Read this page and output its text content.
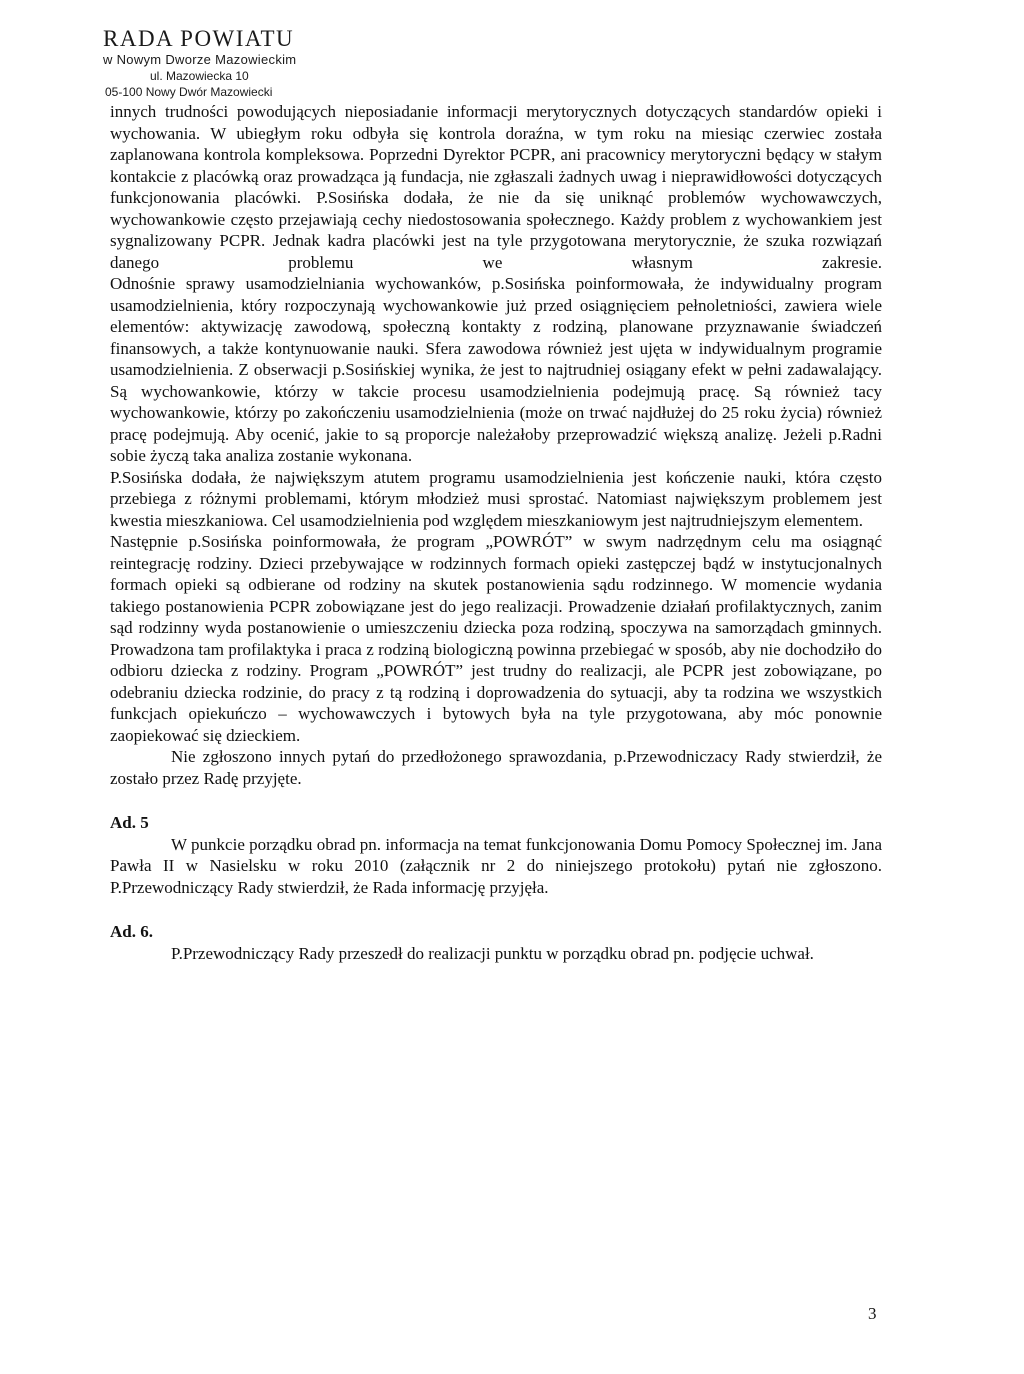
RADA POWIATU
w Nowym Dworze Mazowieckim
ul. Mazowiecka 10
05-100 Nowy Dwór Mazowiecki

innych trudności powodujących nieposiadanie informacji merytorycznych dotyczących standardów opieki i wychowania. W ubiegłym roku odbyła się kontrola doraźna, w tym roku na miesiąc czerwiec została zaplanowana kontrola kompleksowa. Poprzedni Dyrektor PCPR, ani pracownicy merytoryczni będący w stałym kontakcie z placówką oraz prowadząca ją fundacja, nie zgłaszali żadnych uwag i nieprawidłowości dotyczących funkcjonowania placówki. P.Sosińska dodała, że nie da się uniknąć problemów wychowawczych, wychowankowie często przejawiają cechy niedostosowania społecznego. Każdy problem z wychowankiem jest sygnalizowany PCPR. Jednak kadra placówki jest na tyle przygotowana merytorycznie, że szuka rozwiązań danego problemu we własnym zakresie.

Odnośnie sprawy usamodzielniania wychowanków, p.Sosińska poinformowała, że indywidualny program usamodzielnienia, który rozpoczynają wychowankowie już przed osiągnięciem pełnoletniości, zawiera wiele elementów: aktywizację zawodową, społeczną kontakty z rodziną, planowane przyznawanie świadczeń finansowych, a także kontynuowanie nauki. Sfera zawodowa również jest ujęta w indywidualnym programie usamodzielnienia. Z obserwacji p.Sosińskiej wynika, że jest to najtrudniej osiągany efekt w pełni zadawalający. Są wychowankowie, którzy w takcie procesu usamodzielnienia podejmują pracę. Są również tacy wychowankowie, którzy po zakończeniu usamodzielnienia (może on trwać najdłużej do 25 roku życia) również pracę podejmują. Aby ocenić, jakie to są proporcje należałoby przeprowadzić większą analizę. Jeżeli p.Radni sobie życzą taka analiza zostanie wykonana.

P.Sosińska dodała, że największym atutem programu usamodzielnienia jest kończenie nauki, która często przebiega z różnymi problemami, którym młodzież musi sprostać. Natomiast największym problemem jest kwestia mieszkaniowa. Cel usamodzielnienia pod względem mieszkaniowym jest najtrudniejszym elementem.

Następnie p.Sosińska poinformowała, że program „POWRÓT” w swym nadrzędnym celu ma osiągnąć reintegrację rodziny. Dzieci przebywające w rodzinnych formach opieki zastępczej bądź w instytucjonalnych formach opieki są odbierane od rodziny na skutek postanowienia sądu rodzinnego. W momencie wydania takiego postanowienia PCPR zobowiązane jest do jego realizacji. Prowadzenie działań profilaktycznych, zanim sąd rodzinny wyda postanowienie o umieszczeniu dziecka poza rodziną, spoczywa na samorządach gminnych. Prowadzona tam profilaktyka i praca z rodziną biologiczną powinna przebiegać w sposób, aby nie dochodziło do odbioru dziecka z rodziny. Program „POWRÓT” jest trudny do realizacji, ale PCPR jest zobowiązane, po odebraniu dziecka rodzinie, do pracy z tą rodziną i doprowadzenia do sytuacji, aby ta rodzina we wszystkich funkcjach opiekuńczo – wychowawczych i bytowych była na tyle przygotowana, aby móc ponownie zaopiekować się dzieckiem.

Nie zgłoszono innych pytań do przedłożonego sprawozdania, p.Przewodniczacy Rady stwierdził, że zostało przez Radę przyjęte.

Ad. 5

W punkcie porządku obrad pn. informacja na temat funkcjonowania Domu Pomocy Społecznej im. Jana Pawła II w Nasielsku w roku 2010 (załącznik nr 2 do niniejszego protokołu) pytań nie zgłoszono. P.Przewodniczący Rady stwierdził, że Rada informację przyjęła.

Ad. 6.

P.Przewodniczący Rady przeszedł do realizacji punktu w porządku obrad pn. podjęcie uchwał.

3
